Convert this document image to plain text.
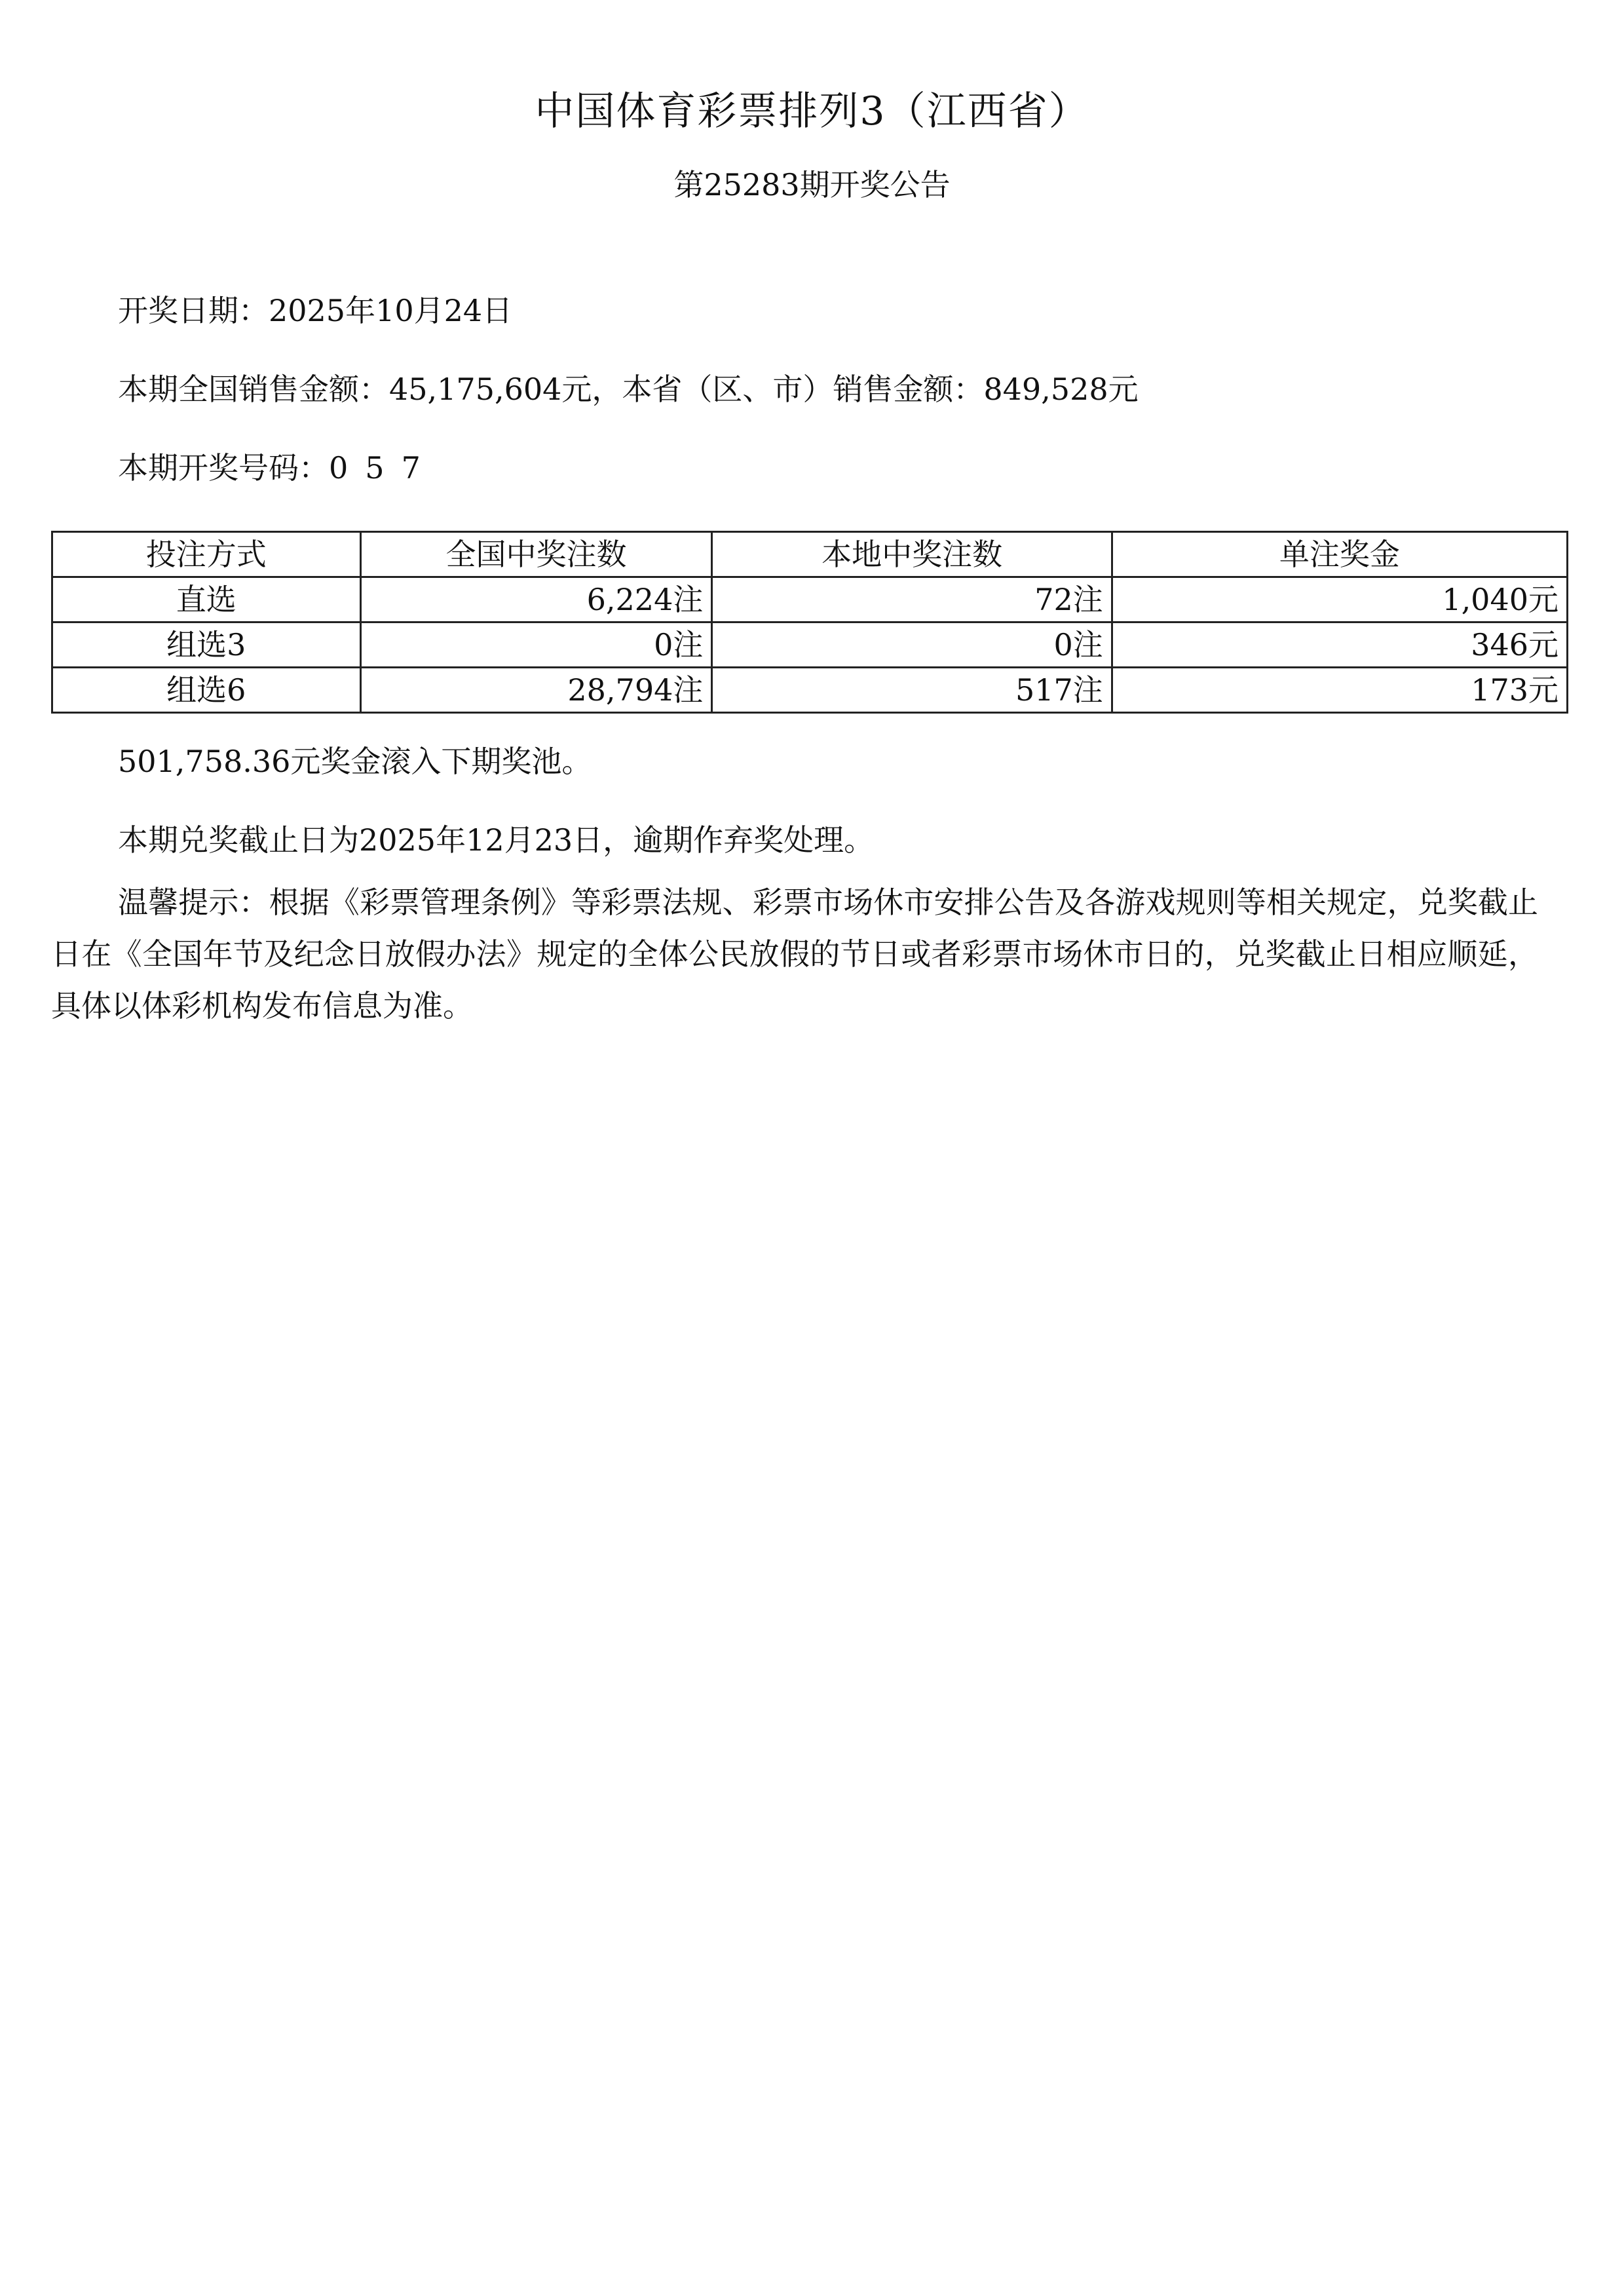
中国体育彩票排列3（江西省）
第25283期开奖公告
开奖日期：2025年10月24日
本期全国销售金额：45,175,604元，本省（区、市）销售金额：849,528元
本期开奖号码：0 5 7
投注方式	全国中奖注数	本地中奖注数	单注奖金
直选	6,224注	72注	1,040元
组选3	0注	0注	346元
组选6	28,794注	517注	173元
501,758.36元奖金滚入下期奖池。
本期兑奖截止日为2025年12月23日，逾期作弃奖处理。

温馨提示：根据《彩票管理条例》等彩票法规、彩票市场休市安排公告及各游戏规则等相关规定，兑奖截止日在《全国年节及纪念日放假办法》规定的全体公民放假的节日或者彩票市场休市日的，兑奖截止日相应顺延，具体以体彩机构发布信息为准。
